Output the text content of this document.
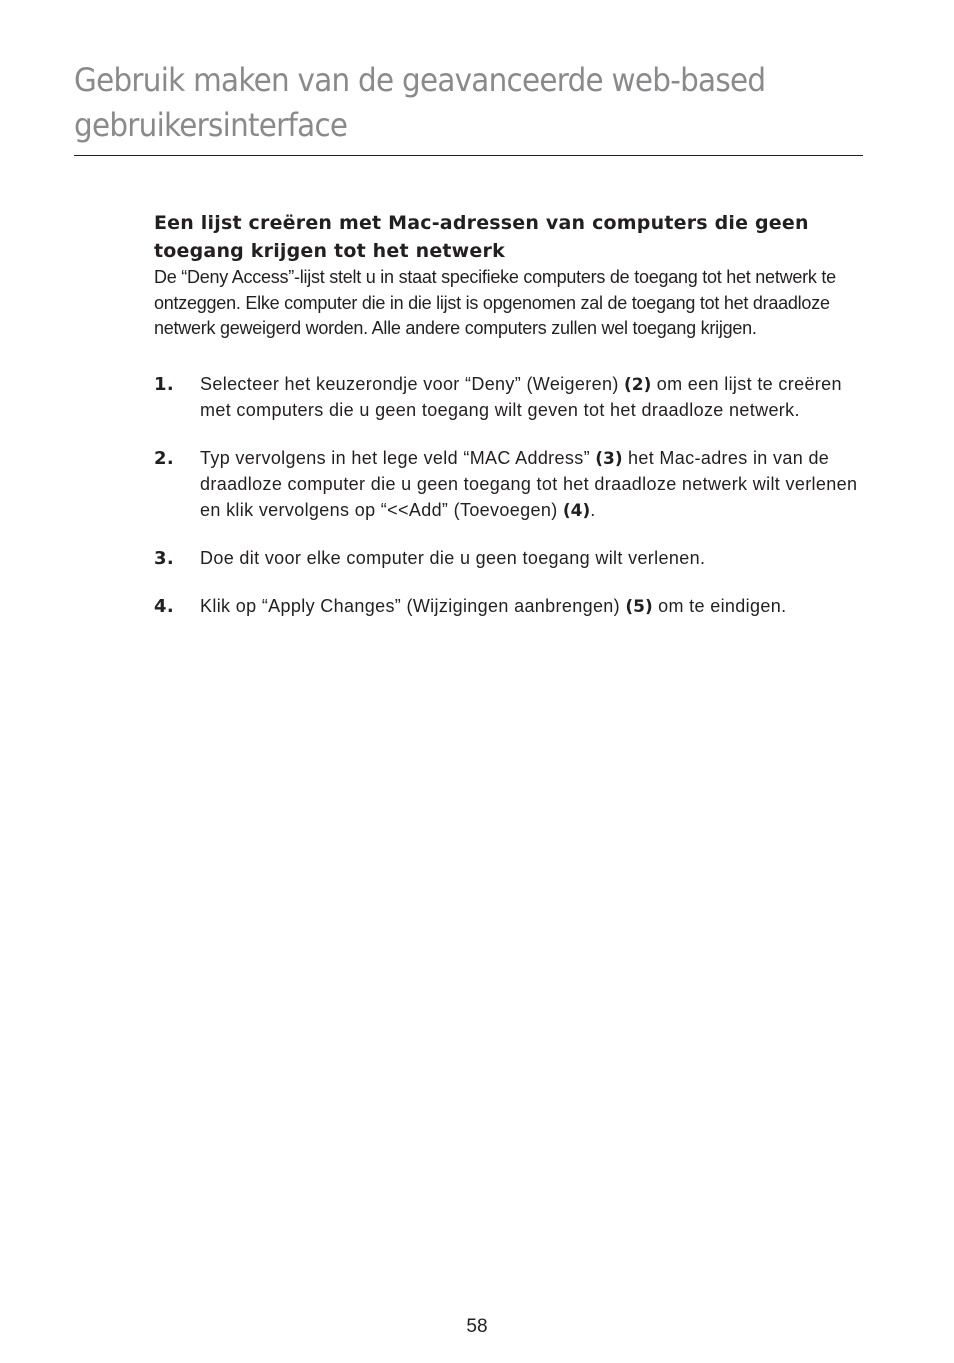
Gebruik maken van de geavanceerde web-based
gebruikersinterface
Een lijst creëren met Mac-adressen van computers die geen toegang krijgen tot het netwerk

De “Deny Access”-lijst stelt u in staat specifieke computers de toegang tot het netwerk te ontzeggen. Elke computer die in die lijst is opgenomen zal de toegang tot het draadloze netwerk geweigerd worden. Alle andere computers zullen wel toegang krijgen.

1. Selecteer het keuzerondje voor “Deny” (Weigeren) (2) om een lijst te creëren met computers die u geen toegang wilt geven tot het draadloze netwerk.
2. Typ vervolgens in het lege veld “MAC Address” (3) het Mac-adres in van de draadloze computer die u geen toegang tot het draadloze netwerk wilt verlenen en klik vervolgens op “<<Add” (Toevoegen) (4).
3. Doe dit voor elke computer die u geen toegang wilt verlenen.
4. Klik op “Apply Changes” (Wijzigingen aanbrengen) (5) om te eindigen.
58
